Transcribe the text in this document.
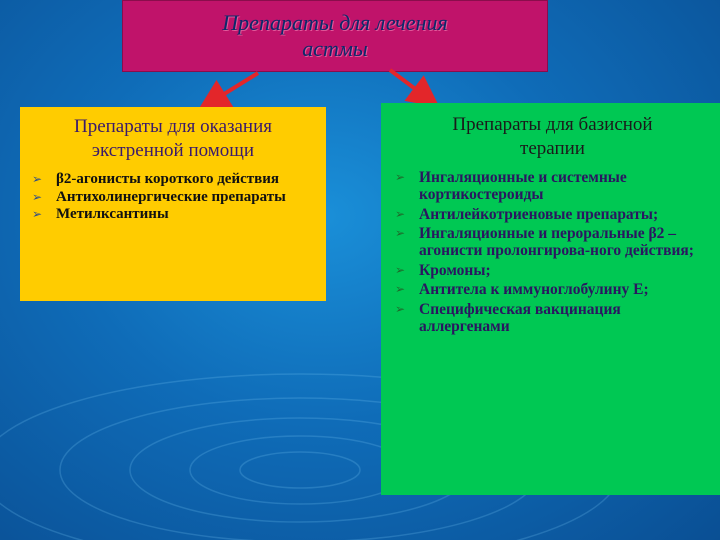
Препараты для лечения
астмы
Препараты для оказания
экстренной помощи
➢ β2-агонисты короткого действия
➢ Антихолинергические препараты
➢ Метилксантины
Препараты для базисной
терапии
➢ Ингаляционные и системные кортикостероиды
➢ Антилейкотриеновые препараты;
➢ Ингаляционные и пероральные β2 –агонисти пролонгирова-ного действия;
➢ Кромоны;
➢ Антитела к иммуноглобулину Е;
➢ Специфическая вакцинация аллергенами
